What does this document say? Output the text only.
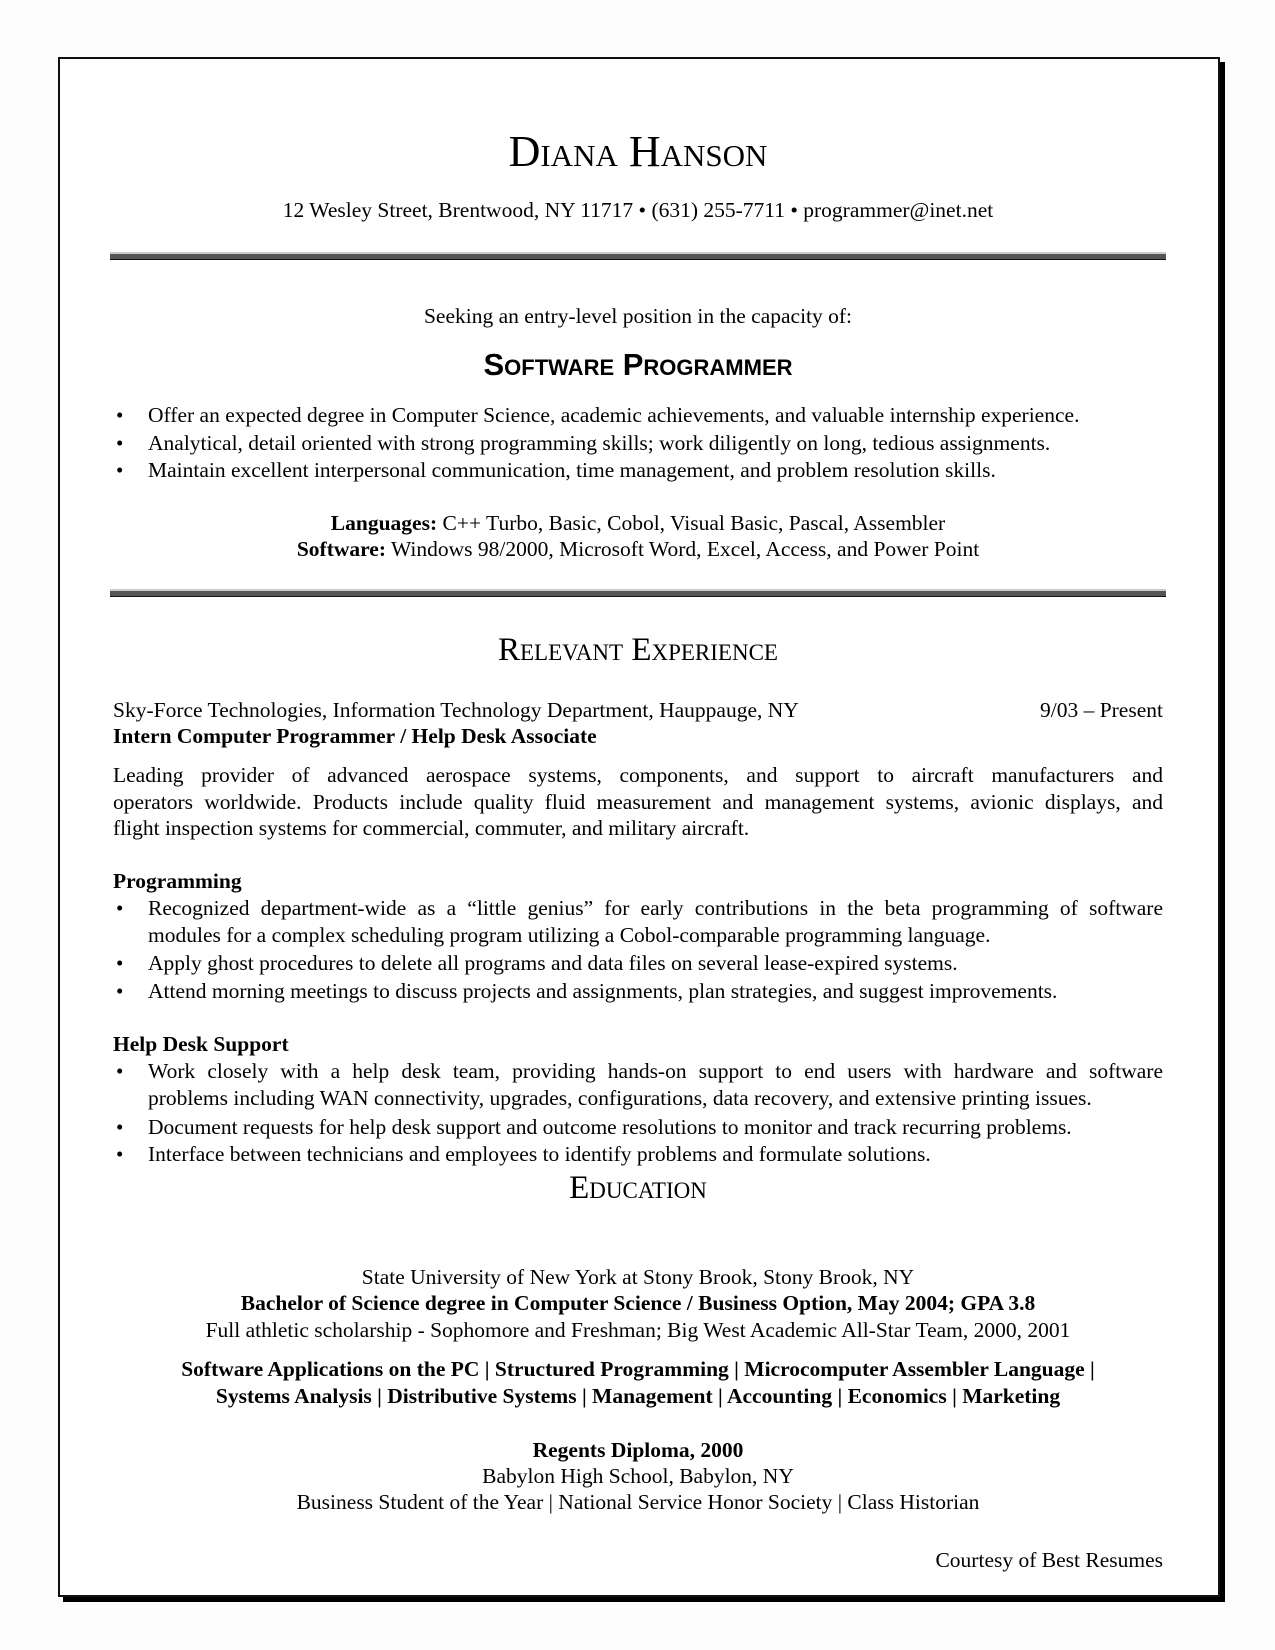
Diana Hanson
12 Wesley Street, Brentwood, NY 11717 • (631) 255-7711 • programmer@inet.net
Seeking an entry-level position in the capacity of:
Software Programmer
• Offer an expected degree in Computer Science, academic achievements, and valuable internship experience.
• Analytical, detail oriented with strong programming skills; work diligently on long, tedious assignments.
• Maintain excellent interpersonal communication, time management, and problem resolution skills.
Languages: C++ Turbo, Basic, Cobol, Visual Basic, Pascal, Assembler
Software: Windows 98/2000, Microsoft Word, Excel, Access, and Power Point
Relevant Experience
Sky-Force Technologies, Information Technology Department, Hauppauge, NY	9/03 – Present
Intern Computer Programmer / Help Desk Associate
Leading provider of advanced aerospace systems, components, and support to aircraft manufacturers and
operators worldwide. Products include quality fluid measurement and management systems, avionic displays, and
flight inspection systems for commercial, commuter, and military aircraft.
Programming
• Recognized department-wide as a “little genius” for early contributions in the beta programming of software
modules for a complex scheduling program utilizing a Cobol-comparable programming language.
• Apply ghost procedures to delete all programs and data files on several lease-expired systems.
• Attend morning meetings to discuss projects and assignments, plan strategies, and suggest improvements.
Help Desk Support
• Work closely with a help desk team, providing hands-on support to end users with hardware and software
problems including WAN connectivity, upgrades, configurations, data recovery, and extensive printing issues.
• Document requests for help desk support and outcome resolutions to monitor and track recurring problems.
• Interface between technicians and employees to identify problems and formulate solutions.
Education
State University of New York at Stony Brook, Stony Brook, NY
Bachelor of Science degree in Computer Science / Business Option, May 2004; GPA 3.8
Full athletic scholarship - Sophomore and Freshman; Big West Academic All-Star Team, 2000, 2001
Software Applications on the PC | Structured Programming | Microcomputer Assembler Language |
Systems Analysis | Distributive Systems | Management | Accounting | Economics | Marketing
Regents Diploma, 2000
Babylon High School, Babylon, NY
Business Student of the Year | National Service Honor Society | Class Historian
Courtesy of Best Resumes
